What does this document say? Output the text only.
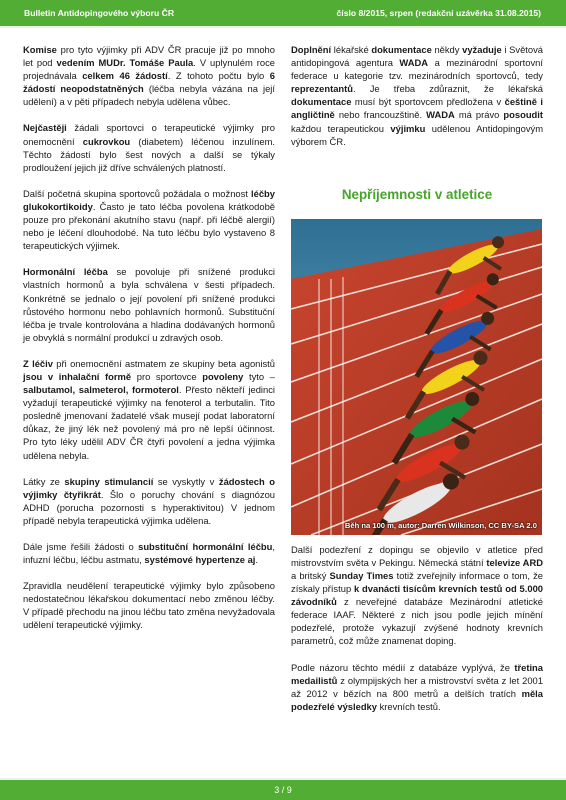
Bulletin Antidopingového výboru ČR	číslo 8/2015, srpen (redakční uzávěrka 31.08.2015)

Komise pro tyto výjimky při ADV ČR pracuje již po mnoho let pod vedením MUDr. Tomáše Paula. V uplynulém roce projednávala celkem 46 žádostí. Z tohoto počtu bylo 6 žádostí neopodstatněných (léčba nebyla vázána na její udělení) a v pěti případech nebyla udělena vůbec.

Nejčastěji žádali sportovci o terapeutické výjimky pro onemocnění cukrovkou (diabetem) léčenou inzulínem. Těchto žádostí bylo šest nových a další se týkaly prodloužení jejich již dříve schválených platností.

Další početná skupina sportovců požádala o možnost léčby glukokortikoidy. Často je tato léčba povolena krátkodobě pouze pro překonání akutního stavu (např. při léčbě alergií) nebo je léčení dlouhodobé. Na tuto léčbu bylo vystaveno 8 terapeutických výjimek.

Hormonální léčba se povoluje při snížené produkci vlastních hormonů a byla schválena v šesti případech. Konkrétně se jednalo o její povolení při snížené produkci růstového hormonu nebo pohlavních hormonů. Substituční léčba je trvale kontrolována a hladina dodávaných hormonů je obvyklá s normální produkcí u zdravých osob.

Z léčiv při onemocnění astmatem ze skupiny beta agonistů jsou v inhalační formě pro sportovce povoleny tyto – salbutamol, salmeterol, formoterol. Přesto někteří jedinci vyžadují terapeutické výjimky na fenoterol a terbutalin. Tito posledně jmenovaní žadatelé však musejí podat laboratorní důkaz, že jiný lék než povolený má pro ně lepší účinnost. Pro tyto léky udělil ADV ČR čtyři povolení a jedna výjimka udělena nebyla.

Látky ze skupiny stimulancií se vyskytly v žádostech o výjimky čtyřikrát. Šlo o poruchy chování s diagnózou ADHD (porucha pozornosti s hyperaktivitou) V jednom případě nebyla terapeutická výjimka udělena.

Dále jsme řešili žádosti o substituční hormonální léčbu, infuzní léčbu, léčbu astmatu, systémové hypertenze aj.

Zpravidla neudělení terapeutické výjimky bylo způsobeno nedostatečnou lékařskou dokumentací nebo změnou léčby. V případě přechodu na jinou léčbu tato změna nevyžadovala udělení terapeutické výjimky.

Doplnění lékařské dokumentace někdy vyžaduje i Světová antidopingová agentura WADA a mezinárodní sportovní federace u kategorie tzv. mezinárodních sportovců, tedy reprezentantů. Je třeba zdůraznit, že lékařská dokumentace musí být sportovcem předložena v češtině i angličtině nebo francouzštině. WADA má právo posoudit každou terapeutickou výjimku udělenou Antidopingovým výborem ČR.

Nepříjemnosti v atletice
Běh na 100 m, autor: Darren Wilkinson, CC BY-SA 2.0

Další podezření z dopingu se objevilo v atletice před mistrovstvím světa v Pekingu. Německá státní televize ARD a britský Sunday Times totiž zveřejnily informace o tom, že získaly přístup k dvanácti tisícům krevních testů od 5.000 závodníků z neveřejné databáze Mezinárodní atletické federace IAAF. Některé z nich jsou podle jejich mínění podezřelé, protože vykazují zvýšené hodnoty krevních parametrů, což může znamenat doping.

Podle názoru těchto médií z databáze vyplývá, že třetina medailistů z olympijských her a mistrovství světa z let 2001 až 2012 v bězích na 800 metrů a delších tratích měla podezřelé výsledky krevních testů.

3 / 9
